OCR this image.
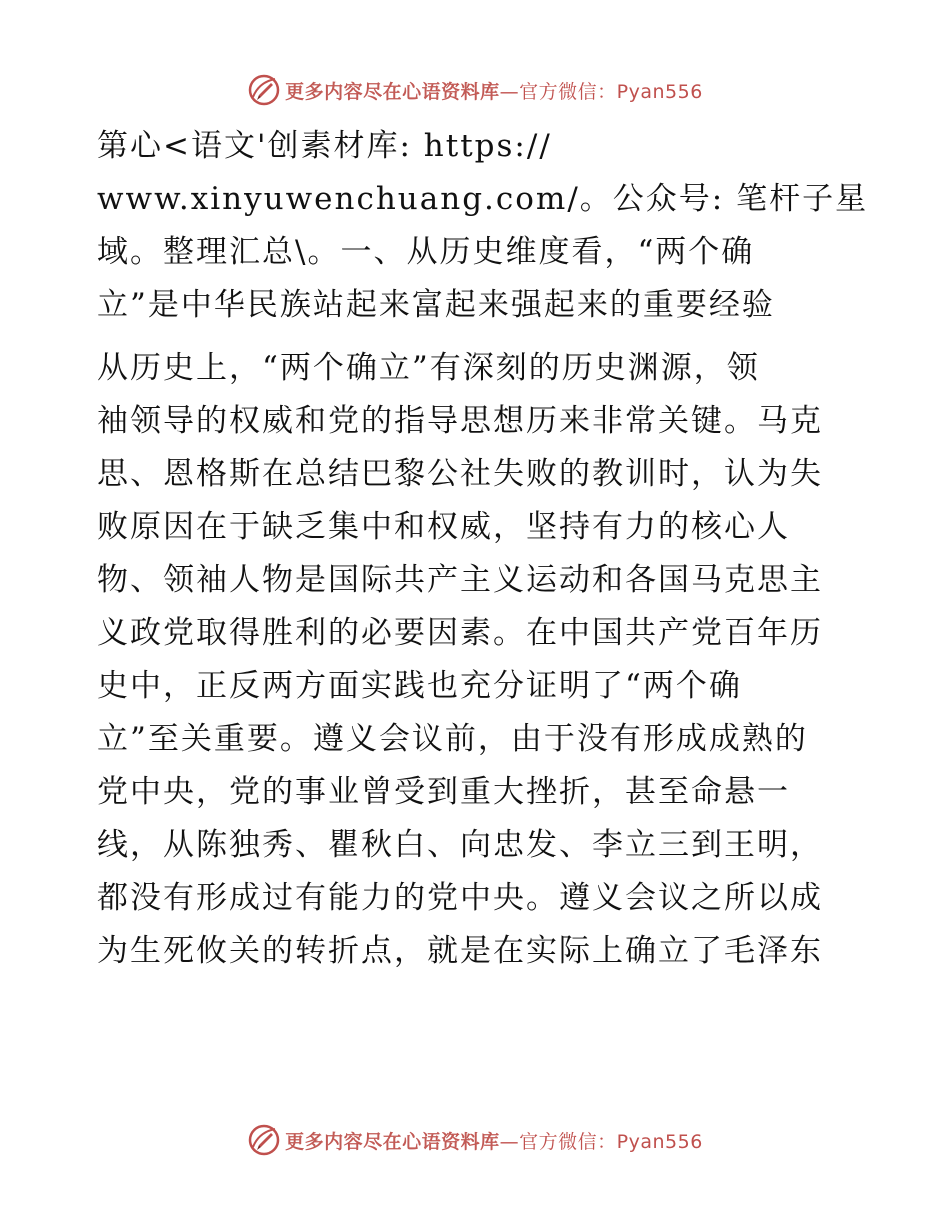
更多内容尽在心语资料库—官方微信：Pyan556
第心<语文'创素材库: https://
www.xinyuwenchuang.com/。公众号: 笔杆子星
域。整理汇总\。一、从历史维度看，“两个确
立”是中华民族站起来富起来强起来的重要经验
从历史上，“两个确立”有深刻的历史渊源，领
袖领导的权威和党的指导思想历来非常关键。马克
思、恩格斯在总结巴黎公社失败的教训时，认为失
败原因在于缺乏集中和权威，坚持有力的核心人
物、领袖人物是国际共产主义运动和各国马克思主
义政党取得胜利的必要因素。在中国共产党百年历
史中，正反两方面实践也充分证明了“两个确
立”至关重要。遵义会议前，由于没有形成成熟的
党中央，党的事业曾受到重大挫折，甚至命悬一
线，从陈独秀、瞿秋白、向忠发、李立三到王明，
都没有形成过有能力的党中央。遵义会议之所以成
为生死攸关的转折点，就是在实际上确立了毛泽东
更多内容尽在心语资料库—官方微信：Pyan556
